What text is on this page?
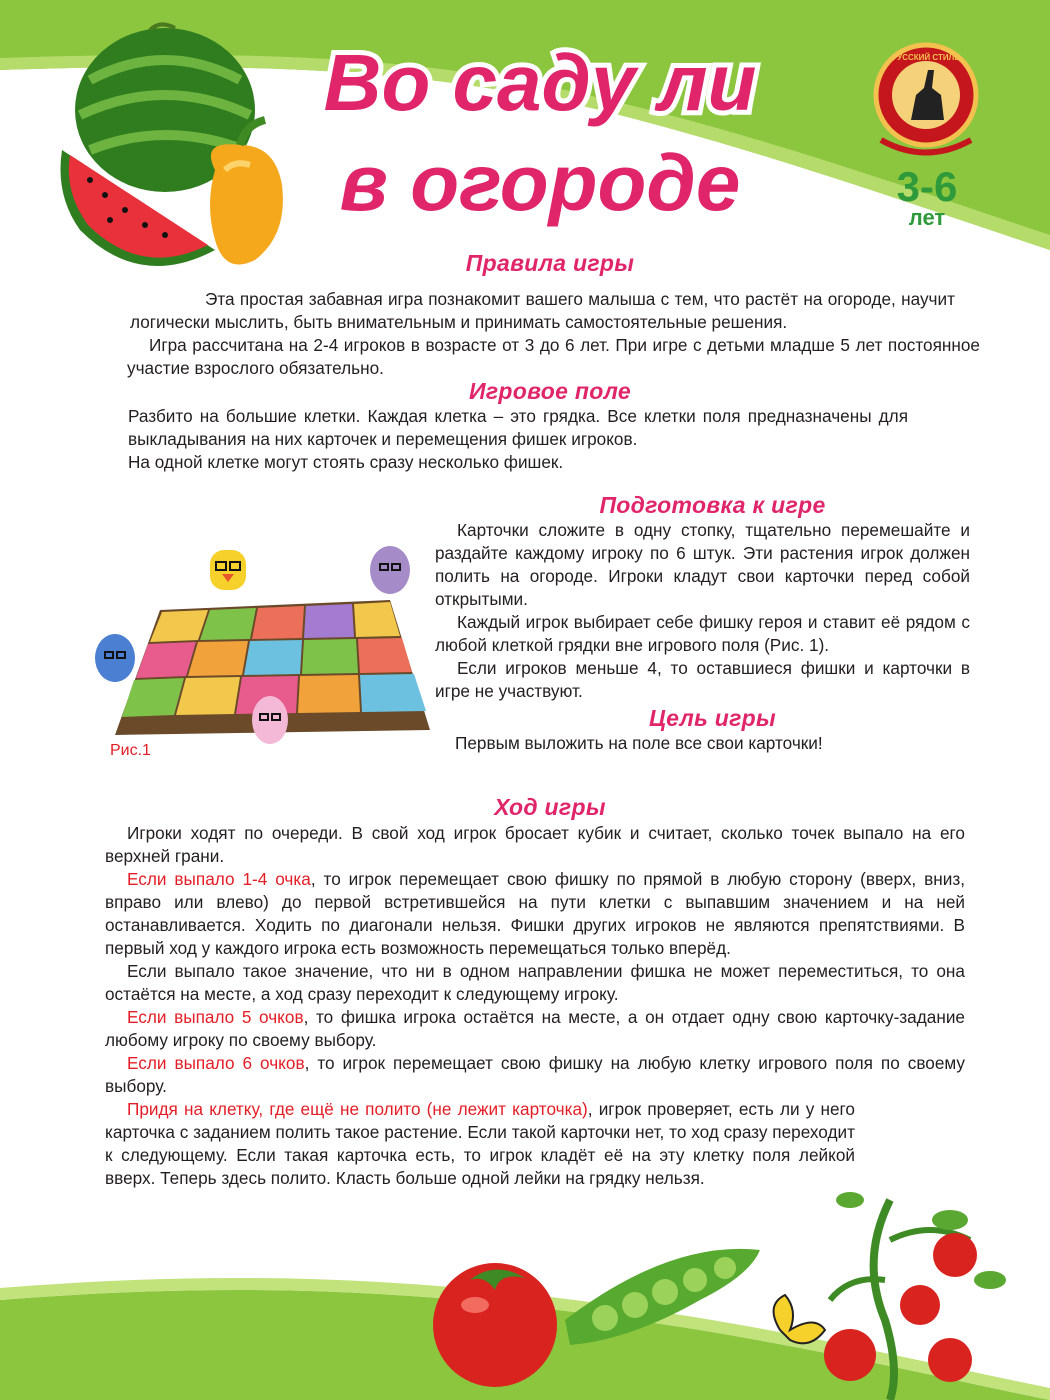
Во саду ли
в огороде
РУССКИЙ СТИЛЬ
3-6
лет
Правила игры
Эта простая забавная игра познакомит вашего малыша с тем, что растёт на огороде, научит логически мыслить, быть внимательным и принимать самостоятельные решения.
Игра рассчитана на 2-4 игроков в возрасте от 3 до 6 лет. При игре с детьми младше 5 лет постоянное участие взрослого обязательно.
Игровое поле
Разбито на большие клетки. Каждая клетка – это грядка. Все клетки поля предназначены для выкладывания на них карточек и перемещения фишек игроков.
На одной клетке могут стоять сразу несколько фишек.
Рис.1
Подготовка к игре
Карточки сложите в одну стопку, тщательно перемешайте и раздайте каждому игроку по 6 штук. Эти растения игрок должен полить на огороде. Игроки кладут свои карточки перед собой открытыми.
Каждый игрок выбирает себе фишку героя и ставит её рядом с любой клеткой грядки вне игрового поля (Рис. 1).
Если игроков меньше 4, то оставшиеся фишки и карточки в игре не участвуют.
Цель игры
Первым выложить на поле все свои карточки!
Ход игры

Игроки ходят по очереди. В свой ход игрок бросает кубик и считает, сколько точек выпало на его верхней грани.

Если выпало 1-4 очка, то игрок перемещает свою фишку по прямой в любую сторону (вверх, вниз, вправо или влево) до первой встретившейся на пути клетки с выпавшим значением и на ней останавливается. Ходить по диагонали нельзя. Фишки других игроков не являются препятствиями. В первый ход у каждого игрока есть возможность перемещаться только вперёд.

Если выпало такое значение, что ни в одном направлении фишка не может переместиться, то она остаётся на месте, а ход сразу переходит к следующему игроку.

Если выпало 5 очков, то фишка игрока остаётся на месте, а он отдает одну свою карточку-задание любому игроку по своему выбору.

Если выпало 6 очков, то игрок перемещает свою фишку на любую клетку игрового поля по своему выбору.

Придя на клетку, где ещё не полито (не лежит карточка), игрок проверяет, есть ли у него карточка с заданием полить такое растение. Если такой карточки нет, то ход сразу переходит к следующему. Если такая карточка есть, то игрок кладёт её на эту клетку поля лейкой вверх. Теперь здесь полито. Класть больше одной лейки на грядку нельзя.
